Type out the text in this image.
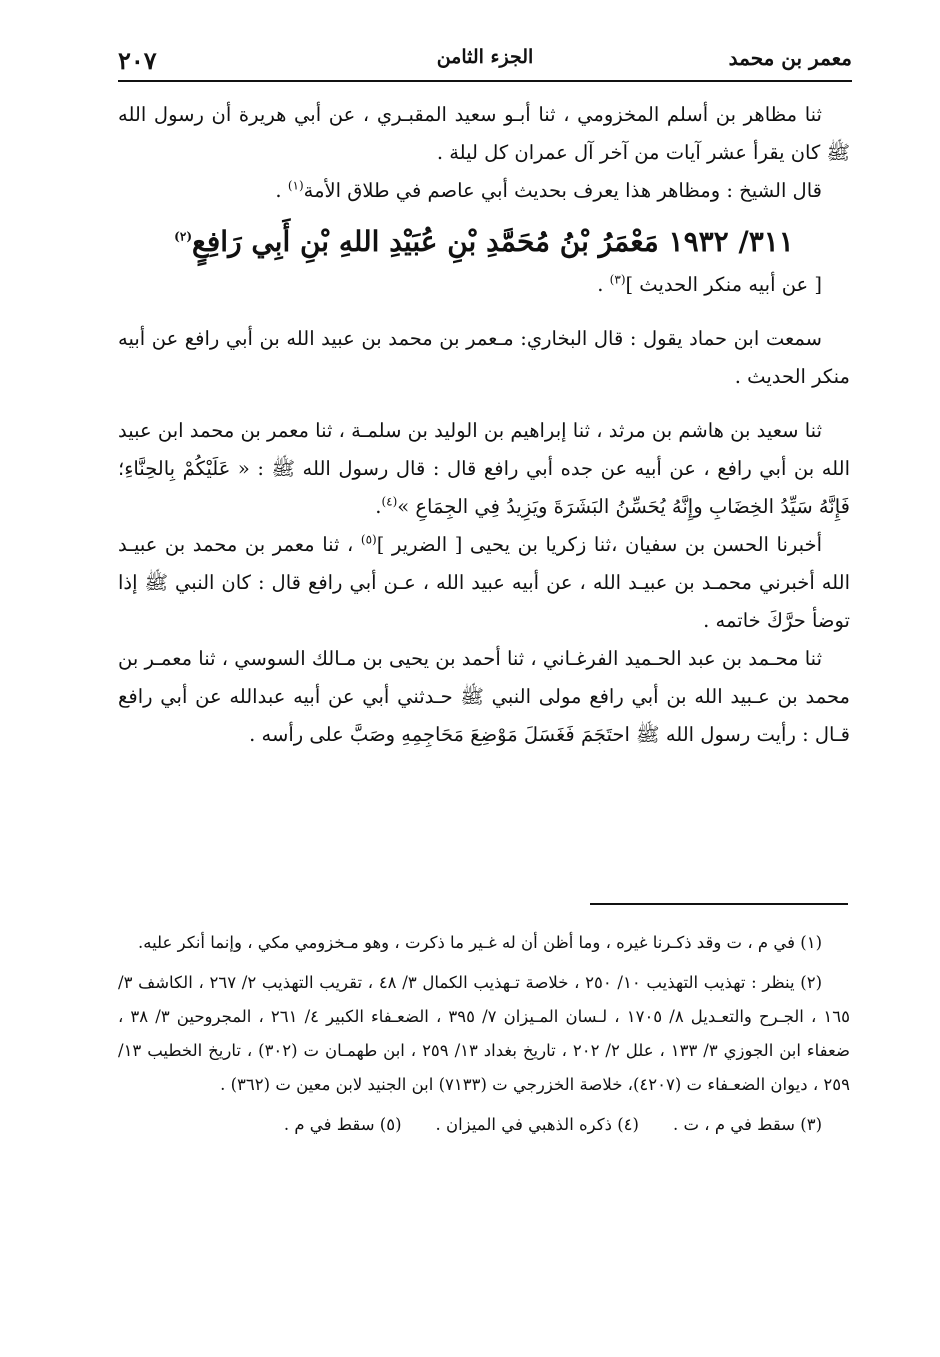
معمر بن محمد
الجزء الثامن
٢٠٧

ثنا مظاهر بن أسلم المخزومي ، ثنا أبـو سعيد المقبـري ، عن أبي هريرة أن رسول الله ﷺ كان يقرأ عشر آيات من آخر آل عمران كل ليلة .

قال الشيخ : ومظاهر هذا يعرف بحديث أبي عاصم في طلاق الأمة$^{(١)}$ .

٣١١/ ١٩٣٢ مَعْمَرُ بْنُ مُحَمَّدِ بْنِ عُبَيْدِ اللهِ بْنِ أَبِي رَافِعٍ$^{(٢)}$

[ عن أبيه منكر الحديث ]$^{(٣)}$ .

سمعت ابن حماد يقول : قال البخاري: مـعمر بن محمد بن عبيد الله بن أبي رافع عن أبيه منكر الحديث .

ثنا سعيد بن هاشم بن مرثد ، ثنا إبراهيم بن الوليد بن سلمـة ، ثنا معمر بن محمد ابن عبيد الله بن أبي رافع ، عن أبيه عن جده أبي رافع قال : قال رسول الله ﷺ : « عَلَيْكُمْ بِالحِنَّاءِ؛ فَإِنَّهُ سَيِّدُ الخِضَابِ وإِنَّهُ يُحَسِّنُ البَشَرَةَ ويَزِيدُ فِي الجِمَاعِ »$^{(٤)}$.

أخبرنا الحسن بن سفيان ،ثنا زكريا بن يحيى [ الضرير ]$^{(٥)}$ ، ثنا معمر بن محمد بن عبيـد الله أخبرني محمـد بن عبيـد الله ، عن أبيه عبيد الله ، عـن أبي رافع قال : كان النبي ﷺ إذا توضأ حرَّكَ خاتمه .

ثنا محـمد بن عبد الحـميد الفرغـاني ، ثنا أحمد بن يحيى بن مـالك السوسي ، ثنا معمـر بن محمد بن عـبيد الله بن أبي رافع مولى النبي ﷺ حـدثني أبي عن أبيه عبدالله عن أبي رافع قـال : رأيت رسول الله ﷺ احتَجَمَ فَغَسَلَ مَوْضِعَ مَحَاجِمِهِ وصَبَّ على رأسه .

(١) في م ، ت وقد ذكـرنا غيره ، وما أظن أن له غـير ما ذكرت ، وهو مـخزومي مكي ، وإنما أنكر عليه.

(٢) ينظر : تهذيب التهذيب ١٠/ ٢٥٠ ، خلاصة تـهذيب الكمال ٣/ ٤٨ ، تقريب التهذيب ٢/ ٢٦٧ ، الكاشف ٣/ ١٦٥ ، الجـرح والتعـديل ٨/ ١٧٠٥ ، لـسان المـيزان ٧/ ٣٩٥ ، الضعـفاء الكبير ٤/ ٢٦١ ، المجروحين ٣/ ٣٨ ، ضعفاء ابن الجوزي ٣/ ١٣٣ ، علل ٢/ ٢٠٢ ، تاريخ بغداد ١٣/ ٢٥٩ ، ابن طهمـان ت (٣٠٢) ، تاريخ الخطيب ١٣/ ٢٥٩ ، ديوان الضعـفاء ت (٤٢٠٧)، خلاصة الخزرجي ت (٧١٣٣) ابن الجنيد لابن معين ت (٣٦٢) .

(٣) سقط في م ، ت .
(٤) ذكره الذهبي في الميزان .
(٥) سقط في م .
